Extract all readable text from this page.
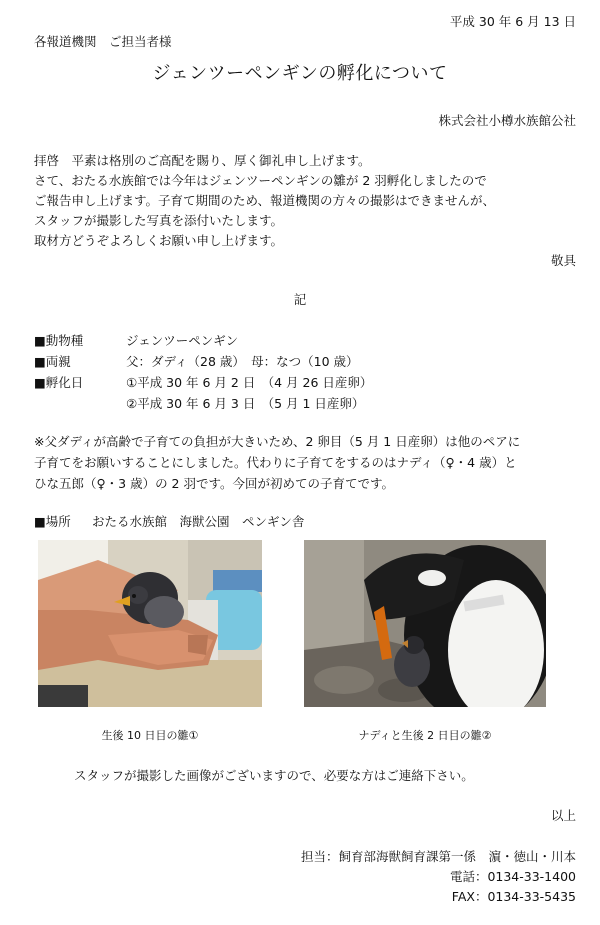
平成 30 年 6 月 13 日
各報道機関　ご担当者様
ジェンツーペンギンの孵化について
株式会社小樽水族館公社
拝啓　平素は格別のご高配を賜り、厚く御礼申し上げます。
さて、おたる水族館では今年はジェンツーペンギンの雛が 2 羽孵化しましたので
ご報告申し上げます。子育て期間のため、報道機関の方々の撮影はできませんが、
スタッフが撮影した写真を添付いたします。
取材方どうぞよろしくお願い申し上げます。
敬具
記
■動物種	ジェンツーペンギン
■両親	父：ダディ（28 歳）　母：なつ（10 歳）
■孵化日	①平成 30 年 6 月 2 日　（4 月 26 日産卵）
②平成 30 年 6 月 3 日　（5 月 1 日産卵）
※父ダディが高齢で子育ての負担が大きいため、2 卵目（5 月 1 日産卵）は他のペアに
子育てをお願いすることにしました。代わりに子育てをするのはナディ（♀・4 歳）と
ひな五郎（♀・3 歳）の 2 羽です。今回が初めての子育てです。
■場所 おたる水族館　海獣公園　ペンギン舎
生後 10 日目の雛①	ナディと生後 2 日目の雛②
スタッフが撮影した画像がございますので、必要な方はご連絡下さい。
以上
担当：飼育部海獣飼育課第一係　濵・徳山・川本
電話：0134-33-1400
FAX：0134-33-5435
